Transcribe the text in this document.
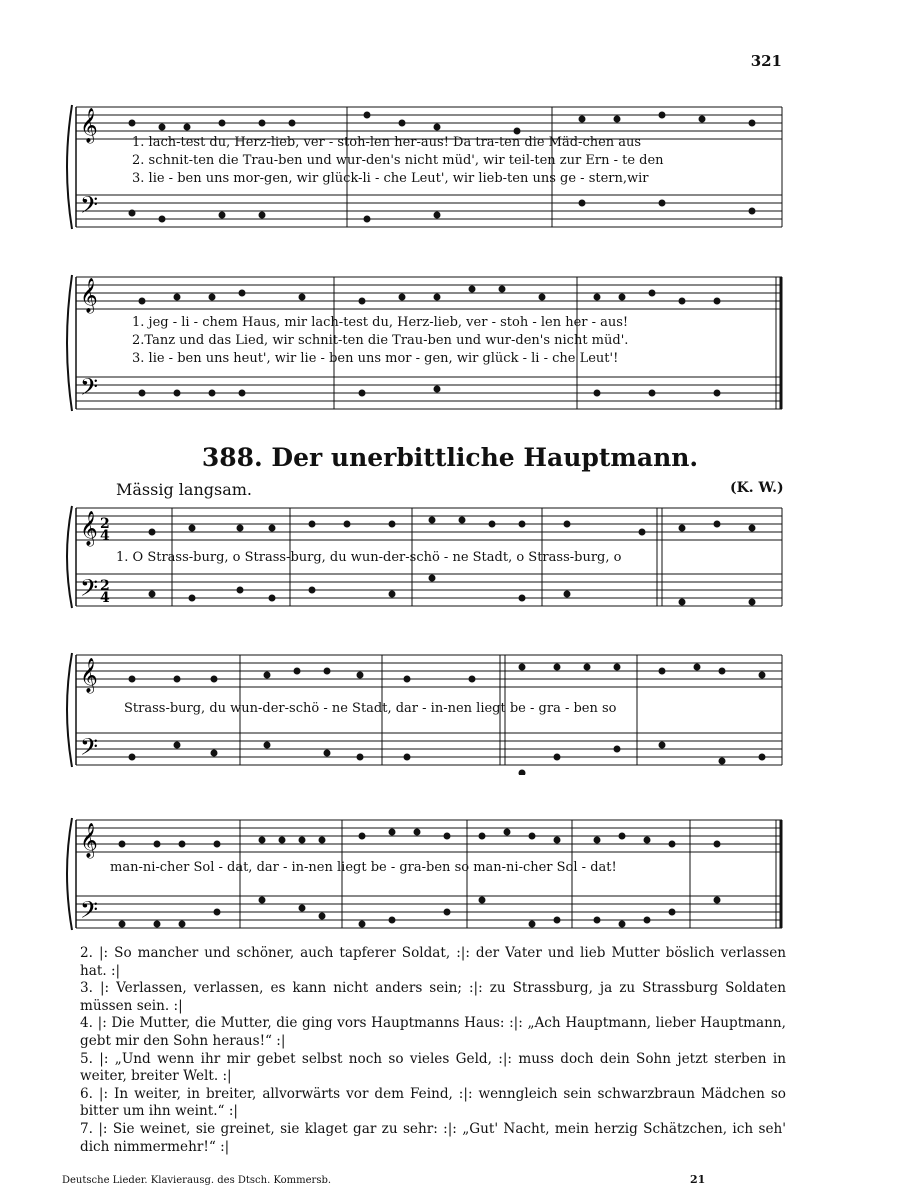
321
𝄞
𝄢
1. lach-test du, Herz-lieb, ver - stoh-len her-aus! Da tra-ten die Mäd-chen aus
2. schnit-ten die Trau-ben und wur-den's nicht müd', wir teil-ten zur Ern - te den
3. lie - ben uns mor-gen, wir glück-li - che Leut', wir lieb-ten uns ge - stern,wir
𝄞
𝄢
1. jeg - li - chem Haus, mir lach-test du, Herz-lieb, ver - stoh - len her - aus!
2.Tanz und das Lied, wir schnit-ten die Trau-ben und wur-den's nicht müd'.
3. lie - ben uns heut', wir lie - ben uns mor - gen, wir glück - li - che Leut'!
388. Der unerbittliche Hauptmann.
Mässig langsam.	(K. W.)
𝄞
𝄢
2
4
2
4
1. O Strass-burg, o Strass-burg, du wun-der-schö - ne Stadt, o Strass-burg, o
𝄞
𝄢
Strass-burg, du wun-der-schö - ne Stadt, dar - in-nen liegt be - gra - ben so
𝄞
𝄢
man-ni-cher Sol - dat, dar - in-nen liegt be - gra-ben so man-ni-cher Sol - dat!

2. |: So mancher und schöner, auch tapferer Soldat, :|: der Vater und lieb Mutter böslich verlassen hat. :|

3. |: Verlassen, verlassen, es kann nicht anders sein; :|: zu Strassburg, ja zu Strassburg Soldaten müssen sein. :|

4. |: Die Mutter, die Mutter, die ging vors Hauptmanns Haus: :|: „Ach Hauptmann, lieber Hauptmann, gebt mir den Sohn heraus!“ :|

5. |: „Und wenn ihr mir gebet selbst noch so vieles Geld, :|: muss doch dein Sohn jetzt sterben in weiter, breiter Welt. :|

6. |: In weiter, in breiter, allvorwärts vor dem Feind, :|: wenngleich sein schwarzbraun Mädchen so bitter um ihn weint.“ :|

7. |: Sie weinet, sie greinet, sie klaget gar zu sehr: :|: „Gut' Nacht, mein herzig Schätzchen, ich seh' dich nimmermehr!“ :|

Deutsche Lieder. Klavierausg. des Dtsch. Kommersb.	21
